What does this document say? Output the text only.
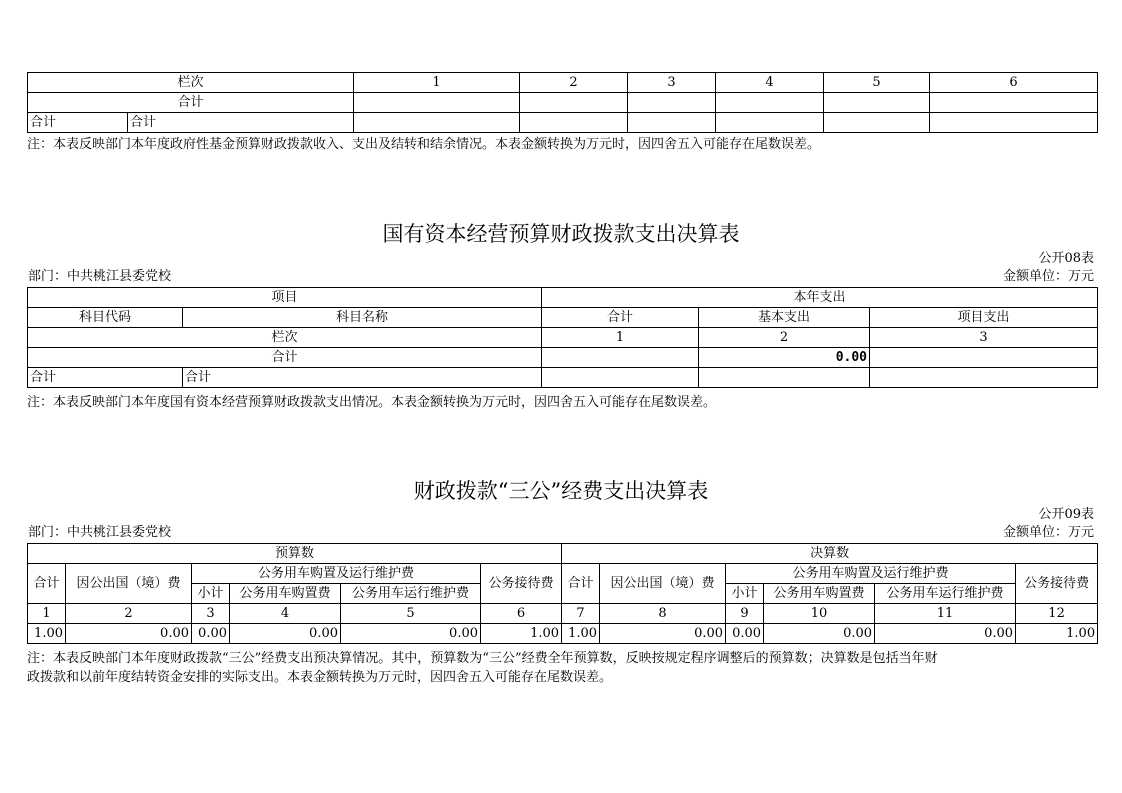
栏次		1	2	3	4	5	6
合计							
合计	合计						
注：本表反映部门本年度政府性基金预算财政拨款收入、支出及结转和结余情况。本表金额转换为万元时，因四舍五入可能存在尾数误差。
国有资本经营预算财政拨款支出决算表
公开08表
部门：中共桃江县委党校	金额单位：万元
项目		本年支出		
科目代码	科目名称	合计	基本支出	项目支出
栏次		1	2	3
合计			0.00	
合计	合计			
注：本表反映部门本年度国有资本经营预算财政拨款支出情况。本表金额转换为万元时，因四舍五入可能存在尾数误差。
财政拨款“三公”经费支出决算表
公开09表
部门：中共桃江县委党校	金额单位：万元
预算数						决算数					
合计	因公出国（境）费	公务用车购置及运行维护费			公务接待费	合计	因公出国（境）费	公务用车购置及运行维护费			公务接待费
		小计	公务用车购置费	公务用车运行维护费				小计	公务用车购置费	公务用车运行维护费	
1	2	3	4	5	6	7	8	9	10	11	12
1.00	0.00	0.00	0.00	0.00	1.00	1.00	0.00	0.00	0.00	0.00	1.00
注：本表反映部门本年度财政拨款“三公”经费支出预决算情况。其中，预算数为“三公”经费全年预算数，反映按规定程序调整后的预算数；决算数是包括当年财
政拨款和以前年度结转资金安排的实际支出。本表金额转换为万元时，因四舍五入可能存在尾数误差。
